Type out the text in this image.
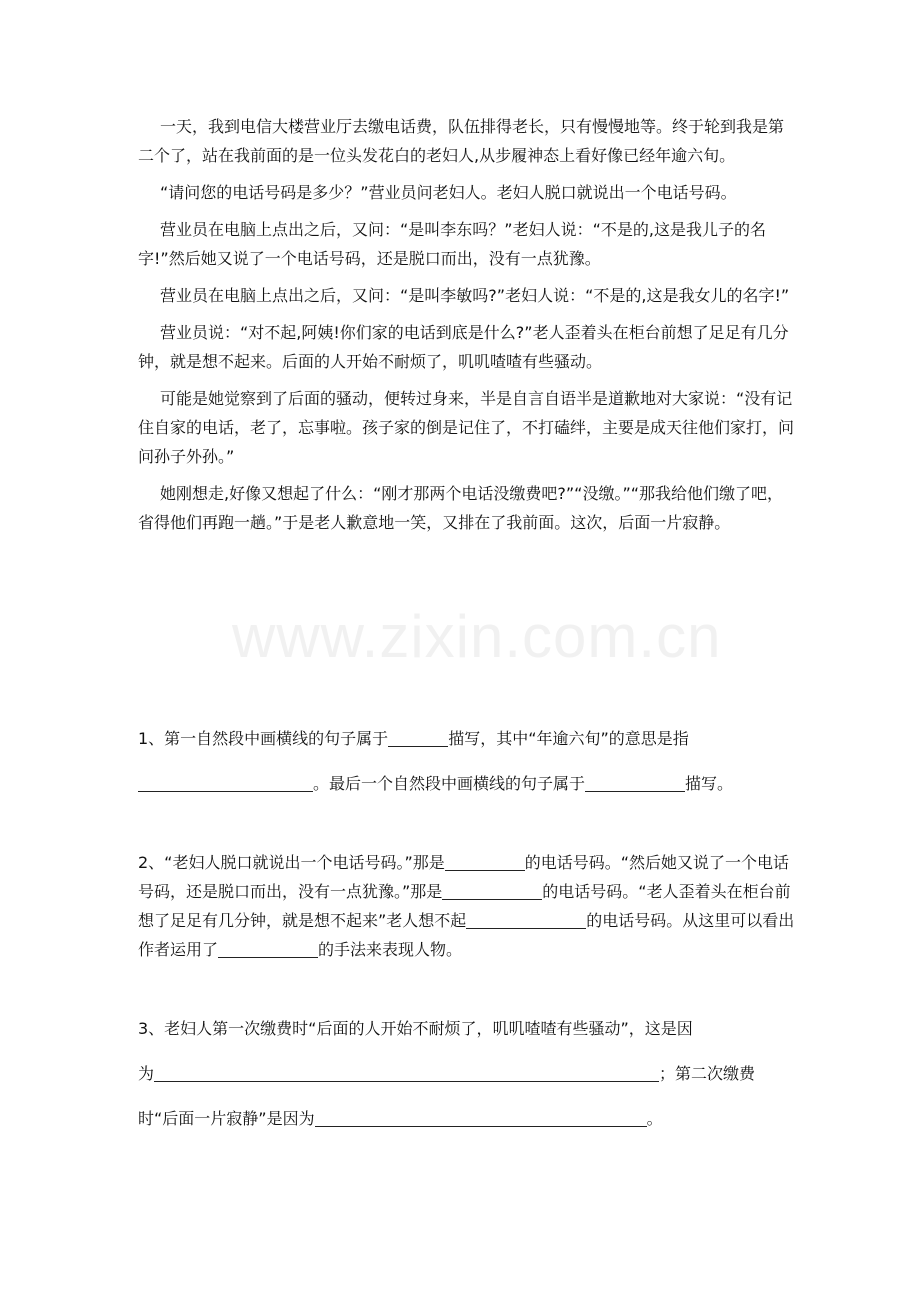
www.zixin.com.cn

一天，我到电信大楼营业厅去缴电话费，队伍排得老长，只有慢慢地等。终于轮到我是第二个了，站在我前面的是一位头发花白的老妇人,从步履神态上看好像已经年逾六旬。

“请问您的电话号码是多少？”营业员问老妇人。老妇人脱口就说出一个电话号码。

营业员在电脑上点出之后，又问：“是叫李东吗？”老妇人说：“不是的,这是我儿子的名字!”然后她又说了一个电话号码，还是脱口而出，没有一点犹豫。

营业员在电脑上点出之后，又问：“是叫李敏吗?”老妇人说：“不是的,这是我女儿的名字!”

营业员说：“对不起,阿姨!你们家的电话到底是什么?”老人歪着头在柜台前想了足足有几分钟，就是想不起来。后面的人开始不耐烦了，叽叽喳喳有些骚动。

可能是她觉察到了后面的骚动，便转过身来，半是自言自语半是道歉地对大家说：“没有记住自家的电话，老了，忘事啦。孩子家的倒是记住了，不打磕绊，主要是成天往他们家打，问问孙子外孙。”

她刚想走,好像又想起了什么：“刚才那两个电话没缴费吧?”“没缴。”“那我给他们缴了吧，省得他们再跑一趟。”于是老人歉意地一笑，又排在了我前面。这次，后面一片寂静。

1、第一自然段中画横线的句子属于	描写，其中“年逾六旬”的意思是指
。最后一个自然段中画横线的句子属于	描写。
2、“老妇人脱口就说出一个电话号码。”那是	的电话号码。“然后她又说了一个电话号码，还是脱口而出，没有一点犹豫。”那是	的电话号码。“老人歪着头在柜台前想了足足有几分钟，就是想不起来”老人想不起	的电话号码。从这里可以看出作者运用了	的手法来表现人物。
3、老妇人第一次缴费时“后面的人开始不耐烦了，叽叽喳喳有些骚动”，这是因
为	；第二次缴费
时“后面一片寂静”是因为	。
